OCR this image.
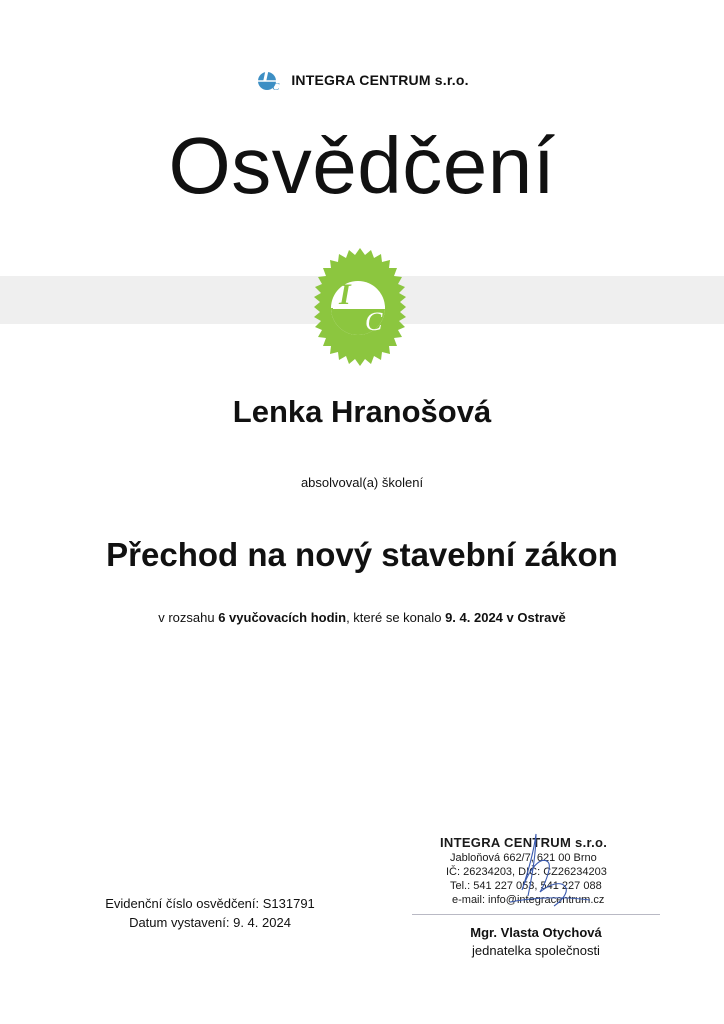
C INTEGRA CENTRUM s.r.o.
Osvědčení
I
C
Lenka Hranošová
absolvoval(a) školení
Přechod na nový stavební zákon
v rozsahu 6 vyučovacích hodin, které se konalo 9. 4. 2024 v Ostravě
Evidenční číslo osvědčení: S131791
Datum vystavení: 9. 4. 2024
INTEGRA CENTRUM s.r.o.
Jabloňová 662/7, 621 00 Brno
IČ: 26234203, DIČ: CZ26234203
Tel.: 541 227 053, 541 227 088
e-mail: info@integracentrum.cz
Mgr. Vlasta Otychová
jednatelka společnosti
